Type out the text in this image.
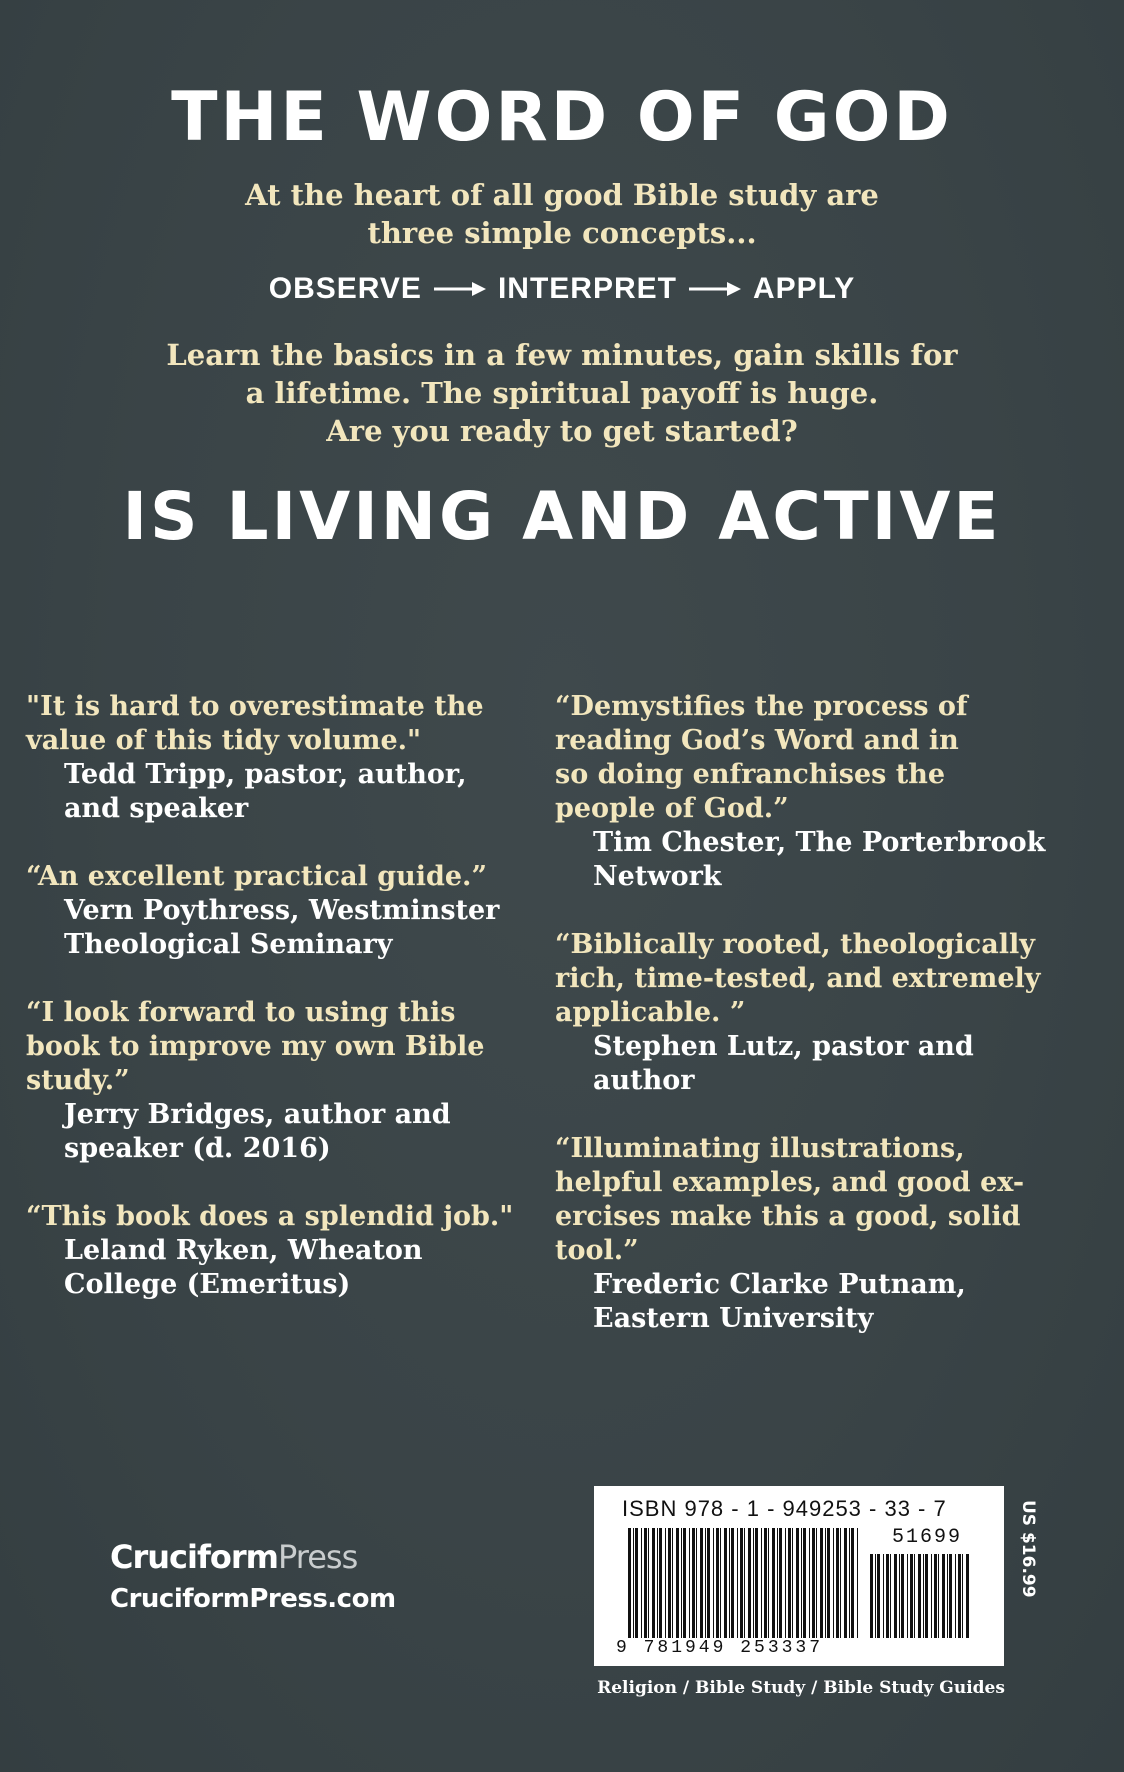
THE WORD OF GOD
At the heart of all good Bible study are
three simple concepts...
OBSERVE	INTERPRET	APPLY
Learn the basics in a few minutes, gain skills for
a lifetime. The spiritual payoff is huge.
Are you ready to get started?
IS LIVING AND ACTIVE
"It is hard to overestimate the
value of this tidy volume."
Tedd Tripp, pastor, author,
and speaker
“An excellent practical guide.”
Vern Poythress, Westminster
Theological Seminary
“I look forward to using this
book to improve my own Bible
study.”
Jerry Bridges, author and
speaker (d. 2016)
“This book does a splendid job."
Leland Ryken, Wheaton
College (Emeritus)
“Demystifies the process of
reading God’s Word and in
so doing enfranchises the
people of God.”
Tim Chester, The Porterbrook
Network
“Biblically rooted, theologically
rich, time-tested, and extremely
applicable. ”
Stephen Lutz, pastor and
author
“Illuminating illustrations,
helpful examples, and good ex-
ercises make this a good, solid
tool.”
Frederic Clarke Putnam,
Eastern University
CruciformPress
CruciformPress.com
ISBN 978 - 1 - 949253 - 33 - 7
51699
9 781949 253337
US $16.99
Religion / Bible Study / Bible Study Guides
